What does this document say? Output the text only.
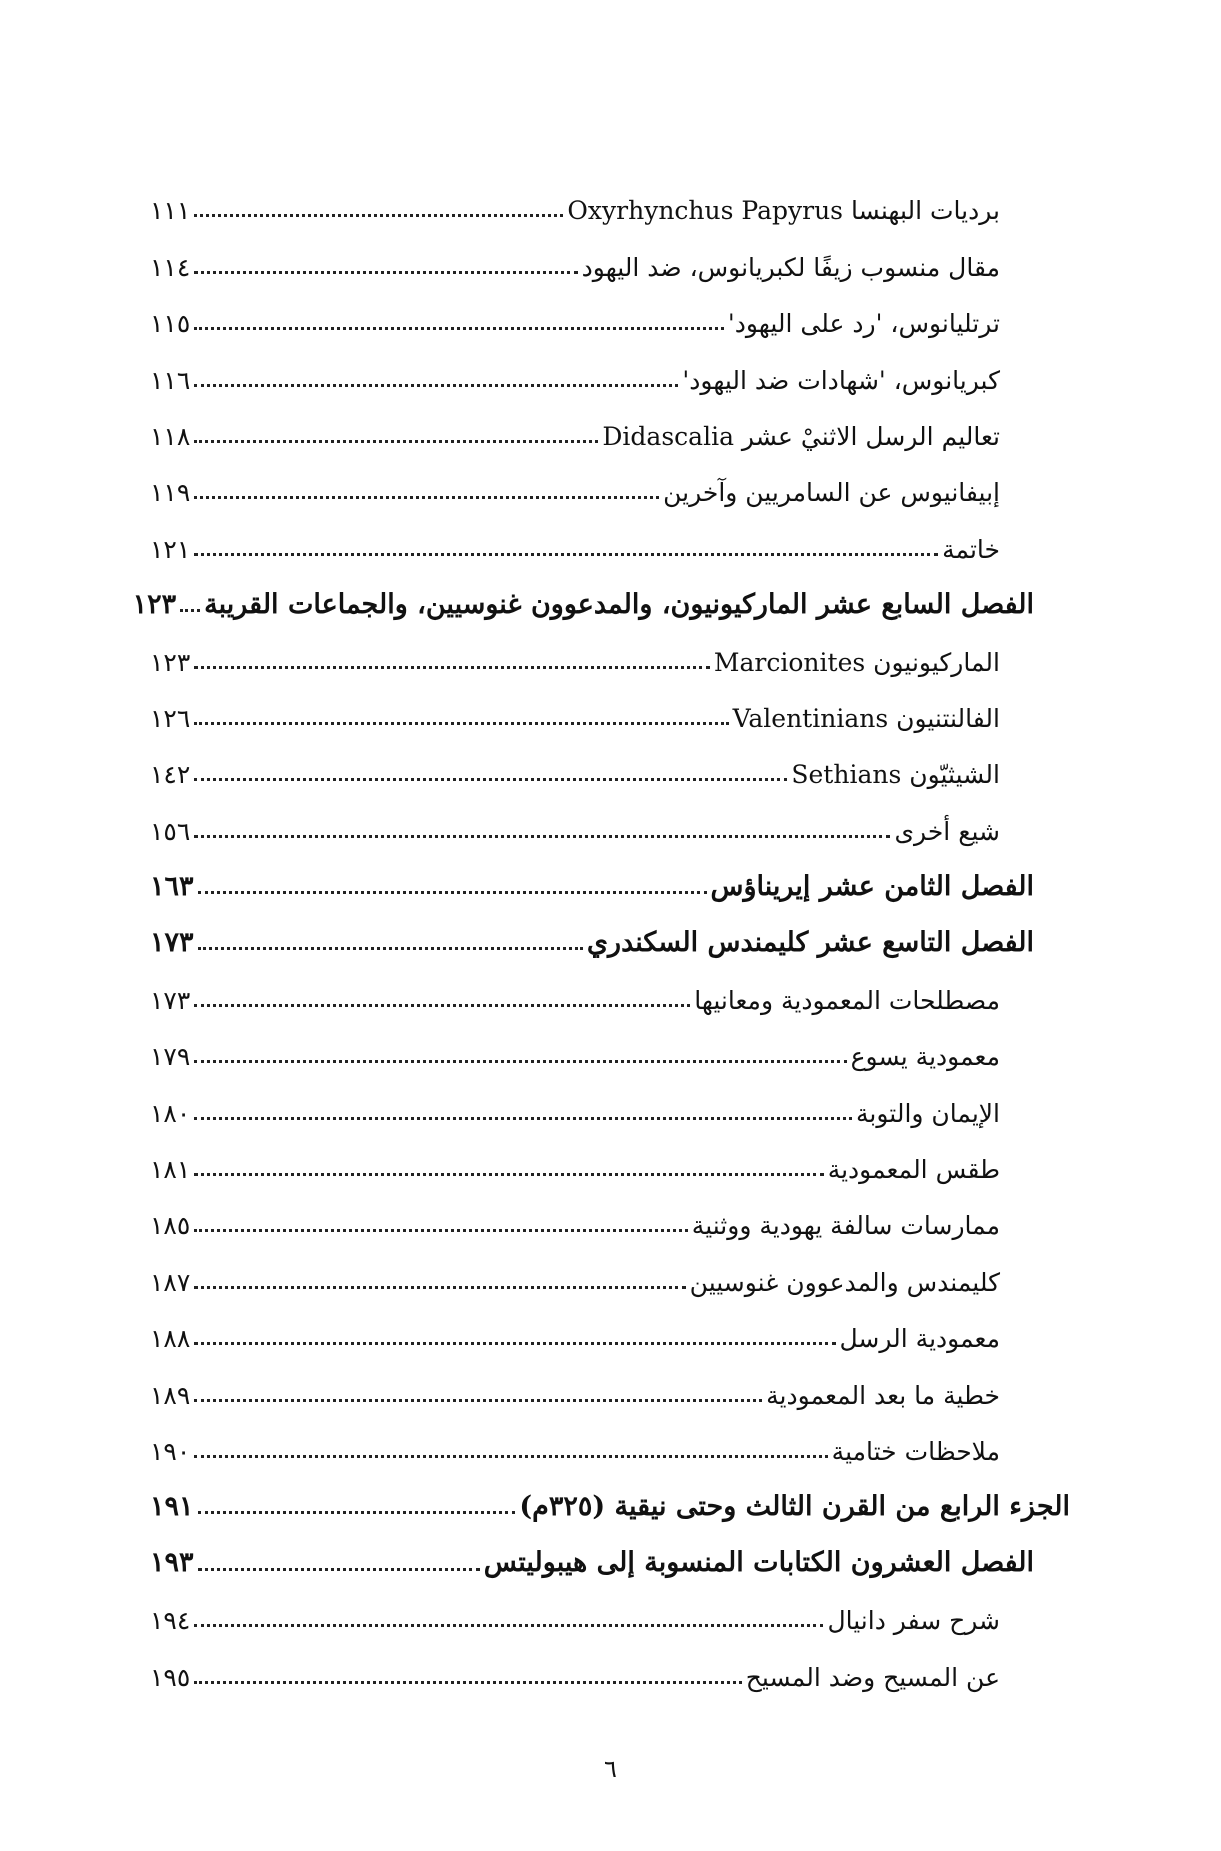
برديات البهنسا Oxyrhynchus Papyrus
١١١
مقال منسوب زيفًا لكبريانوس، ضد اليهود
١١٤
ترتليانوس، 'رد على اليهود'
١١٥
كبريانوس، 'شهادات ضد اليهود'
١١٦
تعاليم الرسل الاثنيْ عشر Didascalia
١١٨
إبيفانيوس عن السامريين وآخرين
١١٩
خاتمة
١٢١
الفصل السابع عشر الماركيونيون، والمدعوون غنوسيين، والجماعات القريبة
١٢٣
الماركيونيون Marcionites
١٢٣
الفالنتنيون Valentinians
١٢٦
الشيثيّون Sethians
١٤٢
شيع أخرى
١٥٦
الفصل الثامن عشر إيريناؤس
١٦٣
الفصل التاسع عشر كليمندس السكندري
١٧٣
مصطلحات المعمودية ومعانيها
١٧٣
معمودية يسوع
١٧٩
الإيمان والتوبة
١٨٠
طقس المعمودية
١٨١
ممارسات سالفة يهودية ووثنية
١٨٥
كليمندس والمدعوون غنوسيين
١٨٧
معمودية الرسل
١٨٨
خطية ما بعد المعمودية
١٨٩
ملاحظات ختامية
١٩٠
الجزء الرابع من القرن الثالث وحتى نيقية (٣٢٥م)
١٩١
الفصل العشرون الكتابات المنسوبة إلى هيبوليتس
١٩٣
شرح سفر دانيال
١٩٤
عن المسيح وضد المسيح
١٩٥
٦
